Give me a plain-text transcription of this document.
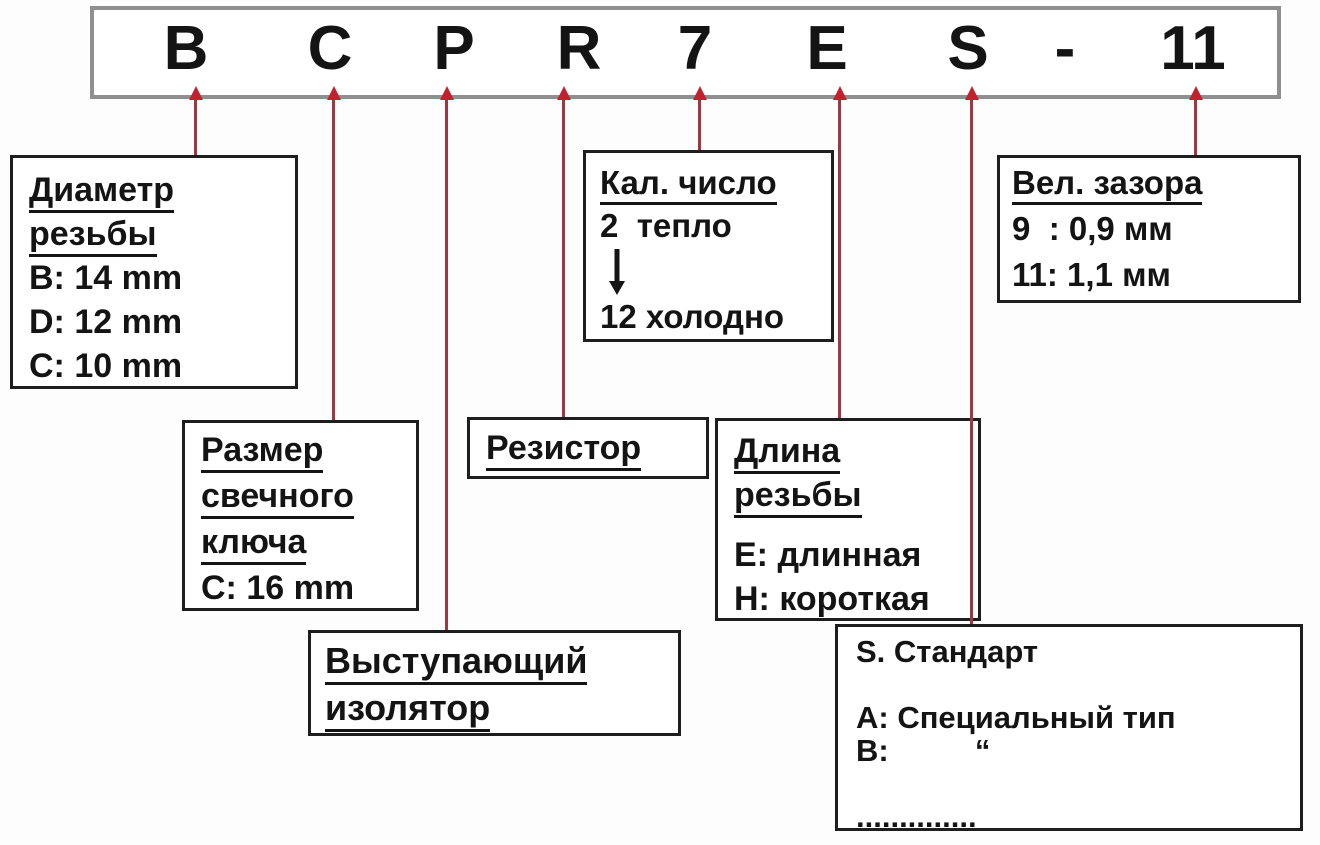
B C P R 7 E S - 11
Диаметр
резьбы
B: 14 mm
D: 12 mm
C: 10 mm
Размер
свечного
ключа
C: 16 mm
Выступающий
изолятор
Резистор
Кал. число
2  тепло
12 холодно
Длина
резьбы
E: длинная
H: короткая
S. Стандарт
A: Специальный тип
B:          “
..............
Вел. зазора
9  : 0,9 мм
11: 1,1 мм
